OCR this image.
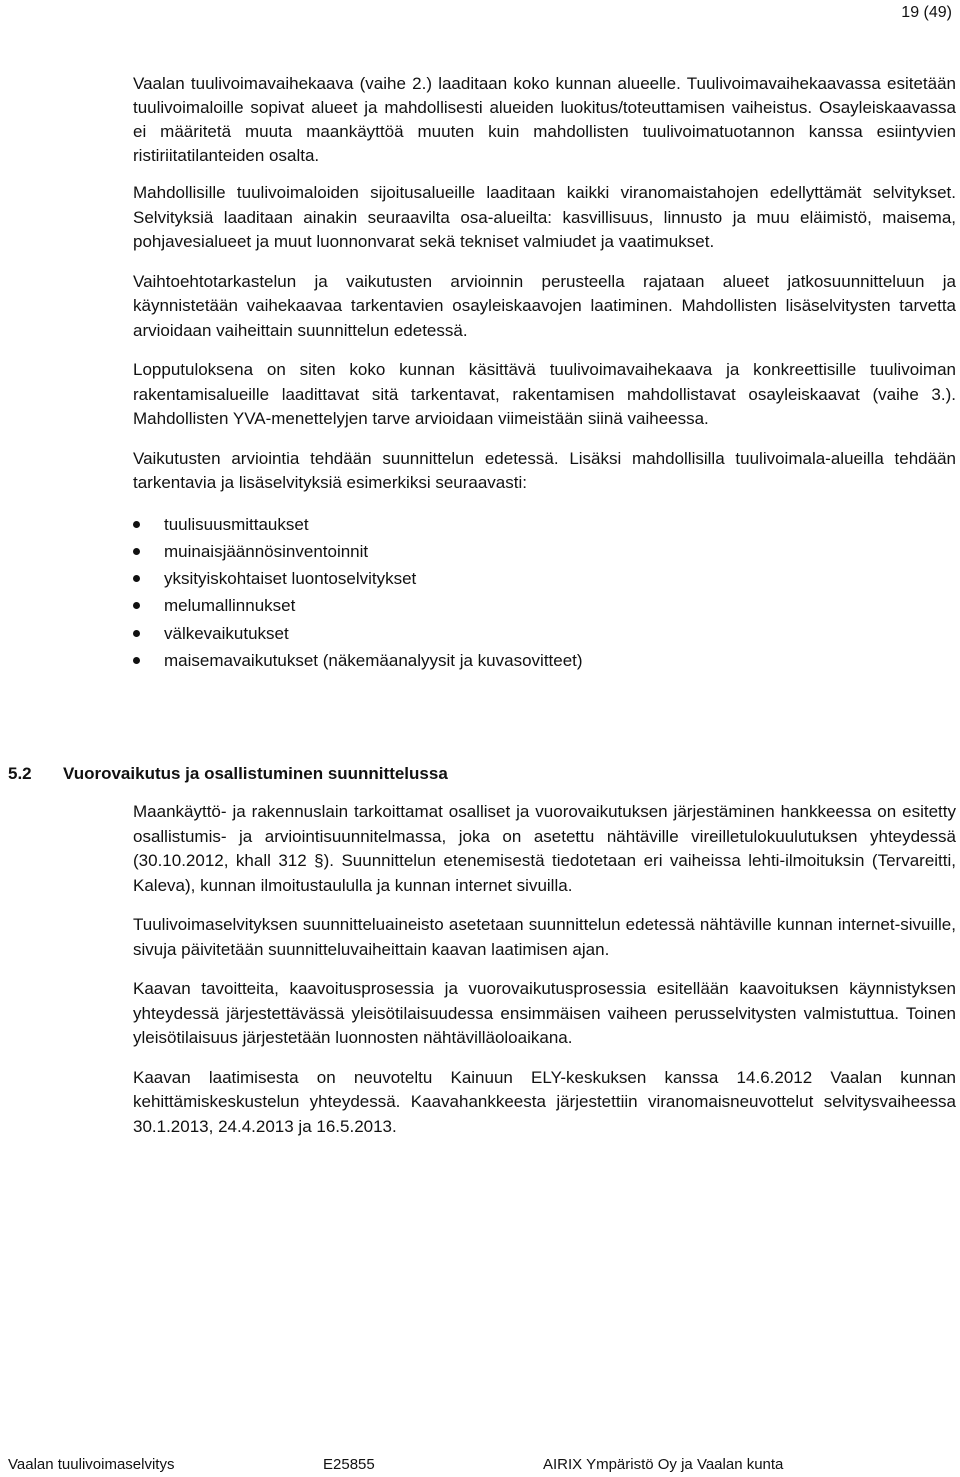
19 (49)

Vaalan tuulivoimavaihekaava (vaihe 2.) laaditaan koko kunnan alueelle. Tuulivoimavaihekaavassa esitetään tuulivoimaloille sopivat alueet ja mahdollisesti alueiden luokitus/toteuttamisen vaiheistus. Osayleiskaavassa ei määritetä muuta maankäyttöä muuten kuin mahdollisten tuulivoimatuotannon kanssa esiintyvien ristiriitatilanteiden osalta.

Mahdollisille tuulivoimaloiden sijoitusalueille laaditaan kaikki viranomaistahojen edellyttämät selvitykset. Selvityksiä laaditaan ainakin seuraavilta osa-alueilta: kasvillisuus, linnusto ja muu eläimistö, maisema, pohjavesialueet ja muut luonnonvarat sekä tekniset valmiudet ja vaatimukset.

Vaihtoehtotarkastelun ja vaikutusten arvioinnin perusteella rajataan alueet jatkosuunnitteluun ja käynnistetään vaihekaavaa tarkentavien osayleiskaavojen laatiminen. Mahdollisten lisäselvitysten tarvetta arvioidaan vaiheittain suunnittelun edetessä.

Lopputuloksena on siten koko kunnan käsittävä tuulivoimavaihekaava ja konkreettisille tuulivoiman rakentamisalueille laadittavat sitä tarkentavat, rakentamisen mahdollistavat osayleiskaavat (vaihe 3.). Mahdollisten YVA-menettelyjen tarve arvioidaan viimeistään siinä vaiheessa.

Vaikutusten arviointia tehdään suunnittelun edetessä. Lisäksi mahdollisilla tuulivoimala-alueilla tehdään tarkentavia ja lisäselvityksiä esimerkiksi seuraavasti:

tuulisuusmittaukset
muinaisjäännösinventoinnit
yksityiskohtaiset luontoselvitykset
melumallinnukset
välkevaikutukset
maisemavaikutukset (näkemäanalyysit ja kuvasovitteet)
5.2 Vuorovaikutus ja osallistuminen suunnittelussa

Maankäyttö- ja rakennuslain tarkoittamat osalliset ja vuorovaikutuksen järjestäminen hankkeessa on esitetty osallistumis- ja arviointisuunnitelmassa, joka on asetettu nähtäville vireilletulokuulutuksen yhteydessä (30.10.2012, khall 312 §). Suunnittelun etenemisestä tiedotetaan eri vaiheissa lehti-ilmoituksin (Tervareitti, Kaleva), kunnan ilmoitustaululla ja kunnan internet sivuilla.

Tuulivoimaselvityksen suunnitteluaineisto asetetaan suunnittelun edetessä nähtäville kunnan internet-sivuille, sivuja päivitetään suunnitteluvaiheittain kaavan laatimisen ajan.

Kaavan tavoitteita, kaavoitusprosessia ja vuorovaikutusprosessia esitellään kaavoituksen käynnistyksen yhteydessä järjestettävässä yleisötilaisuudessa ensimmäisen vaiheen perusselvitysten valmistuttua. Toinen yleisötilaisuus järjestetään luonnosten nähtävilläoloaikana.

Kaavan laatimisesta on neuvoteltu Kainuun ELY-keskuksen kanssa 14.6.2012 Vaalan kunnan kehittämiskeskustelun yhteydessä. Kaavahankkeesta järjestettiin viranomaisneuvottelut selvitysvaiheessa 30.1.2013, 24.4.2013 ja 16.5.2013.

Vaalan tuulivoimaselvitys	E25855	AIRIX Ympäristö Oy ja Vaalan kunta
